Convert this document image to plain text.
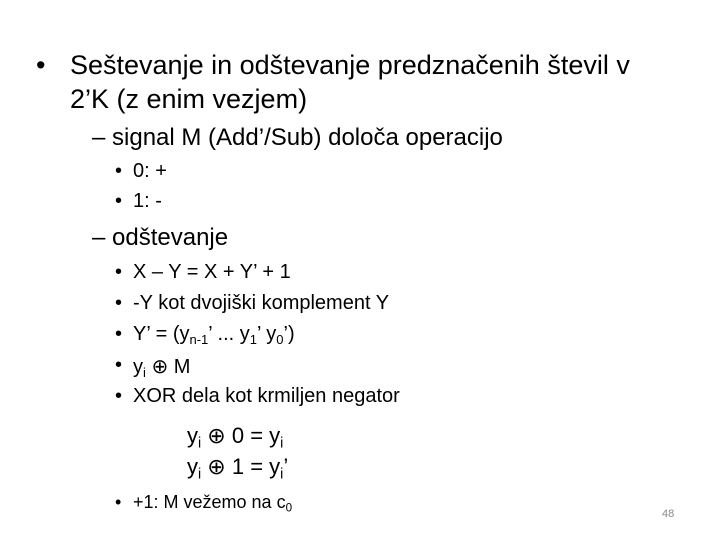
• Seštevanje in odštevanje predznačenih števil v
2’K (z enim vezjem)
– signal M (Add’/Sub) določa operacijo
• 0: +
• 1: -
– odštevanje
• X – Y = X + Y’ + 1
• -Y kot dvojiški komplement Y
• Y’ = ($y_{n-1}$’ ... $y_1$’ $y_0$’)
• $y_i$ ⊕ M
• XOR dela kot krmiljen negator
$y_i$ ⊕ $0 = y_i$
$y_i$ ⊕ $1 = y_i$’
• +1: M vežemo na $c_0$	48
